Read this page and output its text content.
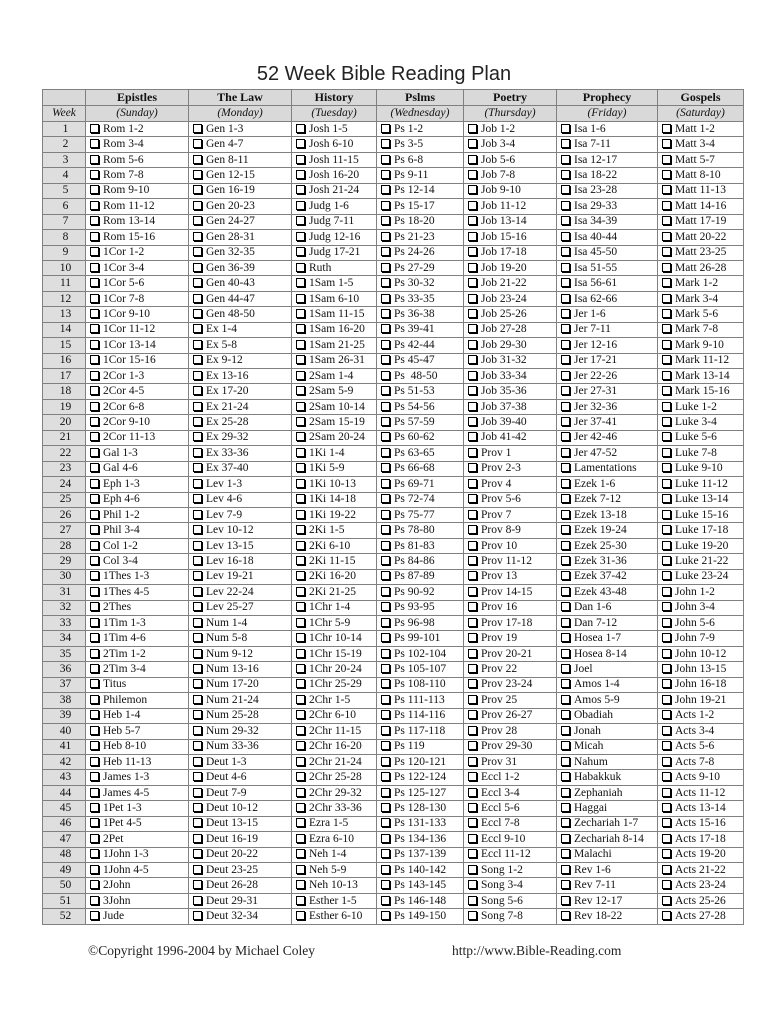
52 Week Bible Reading Plan
	Epistles	The Law	History	Pslms	Poetry	Prophecy	Gospels
Week	(Sunday)	(Monday)	(Tuesday)	(Wednesday)	(Thursday)	(Friday)	(Saturday)
1	Rom 1-2	Gen 1-3	Josh 1-5	Ps 1-2	Job 1-2	Isa 1-6	Matt 1-2
2	Rom 3-4	Gen 4-7	Josh 6-10	Ps 3-5	Job 3-4	Isa 7-11	Matt 3-4
3	Rom 5-6	Gen 8-11	Josh 11-15	Ps 6-8	Job 5-6	Isa 12-17	Matt 5-7
4	Rom 7-8	Gen 12-15	Josh 16-20	Ps 9-11	Job 7-8	Isa 18-22	Matt 8-10
5	Rom 9-10	Gen 16-19	Josh 21-24	Ps 12-14	Job 9-10	Isa 23-28	Matt 11-13
6	Rom 11-12	Gen 20-23	Judg 1-6	Ps 15-17	Job 11-12	Isa 29-33	Matt 14-16
7	Rom 13-14	Gen 24-27	Judg 7-11	Ps 18-20	Job 13-14	Isa 34-39	Matt 17-19
8	Rom 15-16	Gen 28-31	Judg 12-16	Ps 21-23	Job 15-16	Isa 40-44	Matt 20-22
9	1Cor 1-2	Gen 32-35	Judg 17-21	Ps 24-26	Job 17-18	Isa 45-50	Matt 23-25
10	1Cor 3-4	Gen 36-39	Ruth	Ps 27-29	Job 19-20	Isa 51-55	Matt 26-28
11	1Cor 5-6	Gen 40-43	1Sam 1-5	Ps 30-32	Job 21-22	Isa 56-61	Mark 1-2
12	1Cor 7-8	Gen 44-47	1Sam 6-10	Ps 33-35	Job 23-24	Isa 62-66	Mark 3-4
13	1Cor 9-10	Gen 48-50	1Sam 11-15	Ps 36-38	Job 25-26	Jer 1-6	Mark 5-6
14	1Cor 11-12	Ex 1-4	1Sam 16-20	Ps 39-41	Job 27-28	Jer 7-11	Mark 7-8
15	1Cor 13-14	Ex 5-8	1Sam 21-25	Ps 42-44	Job 29-30	Jer 12-16	Mark 9-10
16	1Cor 15-16	Ex 9-12	1Sam 26-31	Ps 45-47	Job 31-32	Jer 17-21	Mark 11-12
17	2Cor 1-3	Ex 13-16	2Sam 1-4	Ps  48-50	Job 33-34	Jer 22-26	Mark 13-14
18	2Cor 4-5	Ex 17-20	2Sam 5-9	Ps 51-53	Job 35-36	Jer 27-31	Mark 15-16
19	2Cor 6-8	Ex 21-24	2Sam 10-14	Ps 54-56	Job 37-38	Jer 32-36	Luke 1-2
20	2Cor 9-10	Ex 25-28	2Sam 15-19	Ps 57-59	Job 39-40	Jer 37-41	Luke 3-4
21	2Cor 11-13	Ex 29-32	2Sam 20-24	Ps 60-62	Job 41-42	Jer 42-46	Luke 5-6
22	Gal 1-3	Ex 33-36	1Ki 1-4	Ps 63-65	Prov 1	Jer 47-52	Luke 7-8
23	Gal 4-6	Ex 37-40	1Ki 5-9	Ps 66-68	Prov 2-3	Lamentations	Luke 9-10
24	Eph 1-3	Lev 1-3	1Ki 10-13	Ps 69-71	Prov 4	Ezek 1-6	Luke 11-12
25	Eph 4-6	Lev 4-6	1Ki 14-18	Ps 72-74	Prov 5-6	Ezek 7-12	Luke 13-14
26	Phil 1-2	Lev 7-9	1Ki 19-22	Ps 75-77	Prov 7	Ezek 13-18	Luke 15-16
27	Phil 3-4	Lev 10-12	2Ki 1-5	Ps 78-80	Prov 8-9	Ezek 19-24	Luke 17-18
28	Col 1-2	Lev 13-15	2Ki 6-10	Ps 81-83	Prov 10	Ezek 25-30	Luke 19-20
29	Col 3-4	Lev 16-18	2Ki 11-15	Ps 84-86	Prov 11-12	Ezek 31-36	Luke 21-22
30	1Thes 1-3	Lev 19-21	2Ki 16-20	Ps 87-89	Prov 13	Ezek 37-42	Luke 23-24
31	1Thes 4-5	Lev 22-24	2Ki 21-25	Ps 90-92	Prov 14-15	Ezek 43-48	John 1-2
32	2Thes	Lev 25-27	1Chr 1-4	Ps 93-95	Prov 16	Dan 1-6	John 3-4
33	1Tim 1-3	Num 1-4	1Chr 5-9	Ps 96-98	Prov 17-18	Dan 7-12	John 5-6
34	1Tim 4-6	Num 5-8	1Chr 10-14	Ps 99-101	Prov 19	Hosea 1-7	John 7-9
35	2Tim 1-2	Num 9-12	1Chr 15-19	Ps 102-104	Prov 20-21	Hosea 8-14	John 10-12
36	2Tim 3-4	Num 13-16	1Chr 20-24	Ps 105-107	Prov 22	Joel	John 13-15
37	Titus	Num 17-20	1Chr 25-29	Ps 108-110	Prov 23-24	Amos 1-4	John 16-18
38	Philemon	Num 21-24	2Chr 1-5	Ps 111-113	Prov 25	Amos 5-9	John 19-21
39	Heb 1-4	Num 25-28	2Chr 6-10	Ps 114-116	Prov 26-27	Obadiah	Acts 1-2
40	Heb 5-7	Num 29-32	2Chr 11-15	Ps 117-118	Prov 28	Jonah	Acts 3-4
41	Heb 8-10	Num 33-36	2Chr 16-20	Ps 119	Prov 29-30	Micah	Acts 5-6
42	Heb 11-13	Deut 1-3	2Chr 21-24	Ps 120-121	Prov 31	Nahum	Acts 7-8
43	James 1-3	Deut 4-6	2Chr 25-28	Ps 122-124	Eccl 1-2	Habakkuk	Acts 9-10
44	James 4-5	Deut 7-9	2Chr 29-32	Ps 125-127	Eccl 3-4	Zephaniah	Acts 11-12
45	1Pet 1-3	Deut 10-12	2Chr 33-36	Ps 128-130	Eccl 5-6	Haggai	Acts 13-14
46	1Pet 4-5	Deut 13-15	Ezra 1-5	Ps 131-133	Eccl 7-8	Zechariah 1-7	Acts 15-16
47	2Pet	Deut 16-19	Ezra 6-10	Ps 134-136	Eccl 9-10	Zechariah 8-14	Acts 17-18
48	1John 1-3	Deut 20-22	Neh 1-4	Ps 137-139	Eccl 11-12	Malachi	Acts 19-20
49	1John 4-5	Deut 23-25	Neh 5-9	Ps 140-142	Song 1-2	Rev 1-6	Acts 21-22
50	2John	Deut 26-28	Neh 10-13	Ps 143-145	Song 3-4	Rev 7-11	Acts 23-24
51	3John	Deut 29-31	Esther 1-5	Ps 146-148	Song 5-6	Rev 12-17	Acts 25-26
52	Jude	Deut 32-34	Esther 6-10	Ps 149-150	Song 7-8	Rev 18-22	Acts 27-28
©Copyright 1996-2004 by Michael Coley	http://www.Bible-Reading.com
